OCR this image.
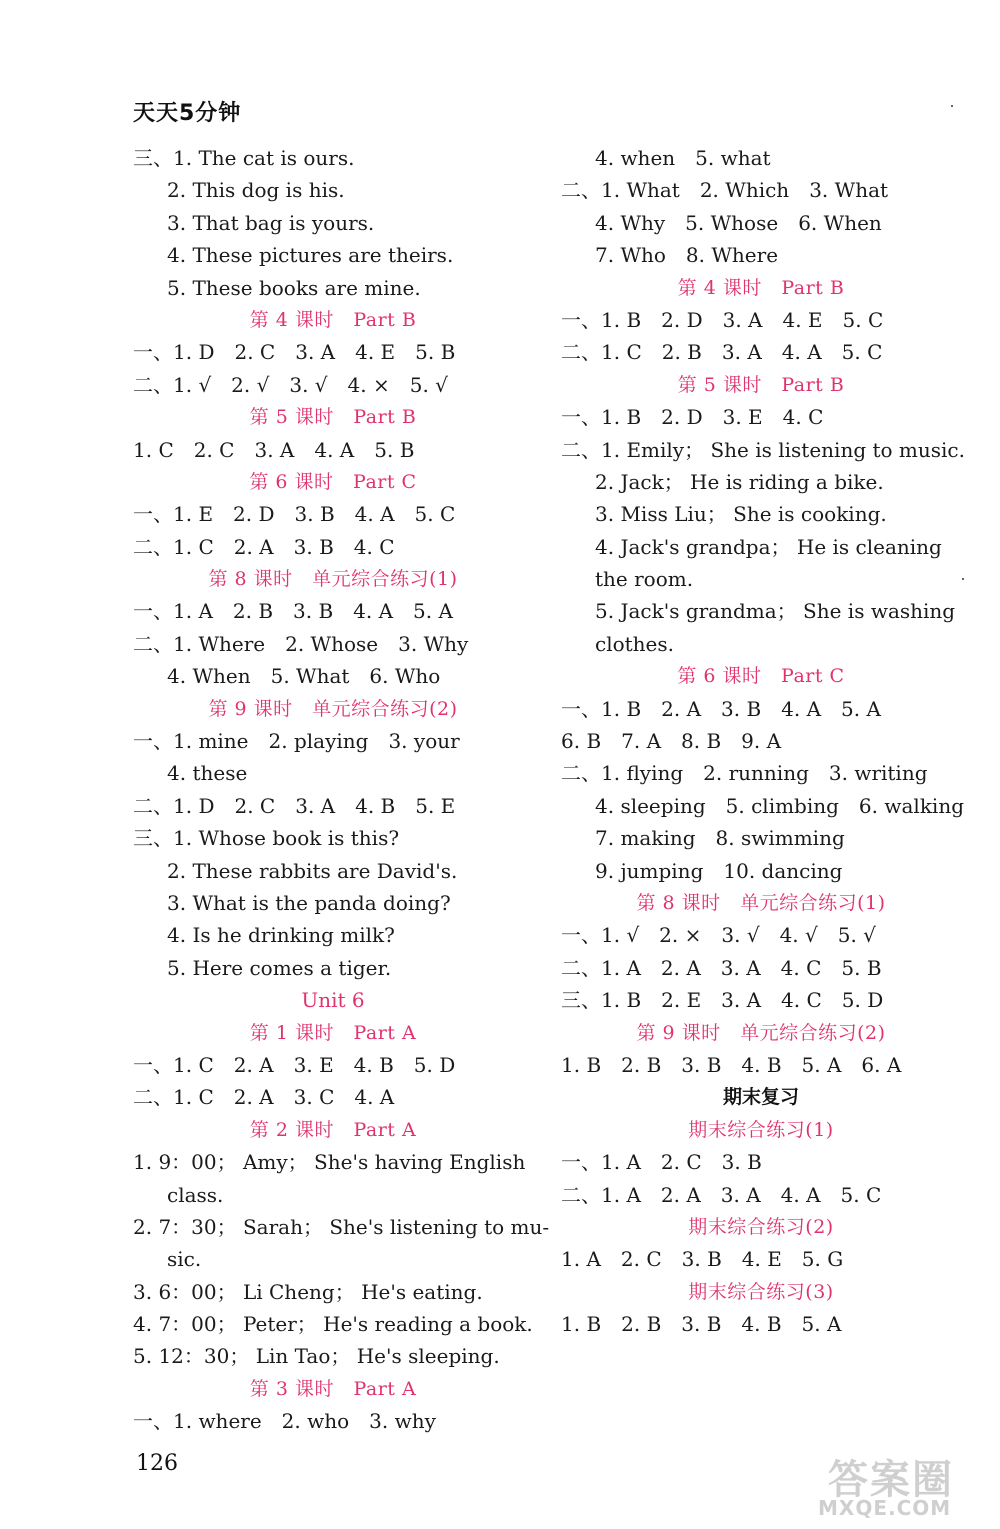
天天5分钟
三、1. The cat is ours.
2. This dog is his.
3. That bag is yours.
4. These pictures are theirs.
5. These books are mine.
第 4 课时　Part B
一、1. D　2. C　3. A　4. E　5. B
二、1. √　2. √　3. √　4. ×　5. √
第 5 课时　Part B
1. C　2. C　3. A　4. A　5. B
第 6 课时　Part C
一、1. E　2. D　3. B　4. A　5. C
二、1. C　2. A　3. B　4. C
第 8 课时　单元综合练习(1)
一、1. A　2. B　3. B　4. A　5. A
二、1. Where　2. Whose　3. Why
4. When　5. What　6. Who
第 9 课时　单元综合练习(2)
一、1. mine　2. playing　3. your
4. these
二、1. D　2. C　3. A　4. B　5. E
三、1. Whose book is this?
2. These rabbits are David's.
3. What is the panda doing?
4. Is he drinking milk?
5. Here comes a tiger.
Unit 6
第 1 课时　Part A
一、1. C　2. A　3. E　4. B　5. D
二、1. C　2. A　3. C　4. A
第 2 课时　Part A
1. 9：00； Amy； She's having English
class.
2. 7：30； Sarah； She's listening to mu-
sic.
3. 6：00； Li Cheng； He's eating.
4. 7：00； Peter； He's reading a book.
5. 12：30； Lin Tao； He's sleeping.
第 3 课时　Part A
一、1. where　2. who　3. why
4. when　5. what
二、1. What　2. Which　3. What
4. Why　5. Whose　6. When
7. Who　8. Where
第 4 课时　Part B
一、1. B　2. D　3. A　4. E　5. C
二、1. C　2. B　3. A　4. A　5. C
第 5 课时　Part B
一、1. B　2. D　3. E　4. C
二、1. Emily； She is listening to music.
2. Jack； He is riding a bike.
3. Miss Liu； She is cooking.
4. Jack's grandpa； He is cleaning
the room.
5. Jack's grandma； She is washing
clothes.
第 6 课时　Part C
一、1. B　2. A　3. B　4. A　5. A
6. B　7. A　8. B　9. A
二、1. flying　2. running　3. writing
4. sleeping　5. climbing　6. walking
7. making　8. swimming
9. jumping　10. dancing
第 8 课时　单元综合练习(1)
一、1. √　2. ×　3. √　4. √　5. √
二、1. A　2. A　3. A　4. C　5. B
三、1. B　2. E　3. A　4. C　5. D
第 9 课时　单元综合练习(2)
1. B　2. B　3. B　4. B　5. A　6. A
期末复习
期末综合练习(1)
一、1. A　2. C　3. B
二、1. A　2. A　3. A　4. A　5. C
期末综合练习(2)
1. A　2. C　3. B　4. E　5. G
期末综合练习(3)
1. B　2. B　3. B　4. B　5. A
126	答案圈
MXQE.COM
